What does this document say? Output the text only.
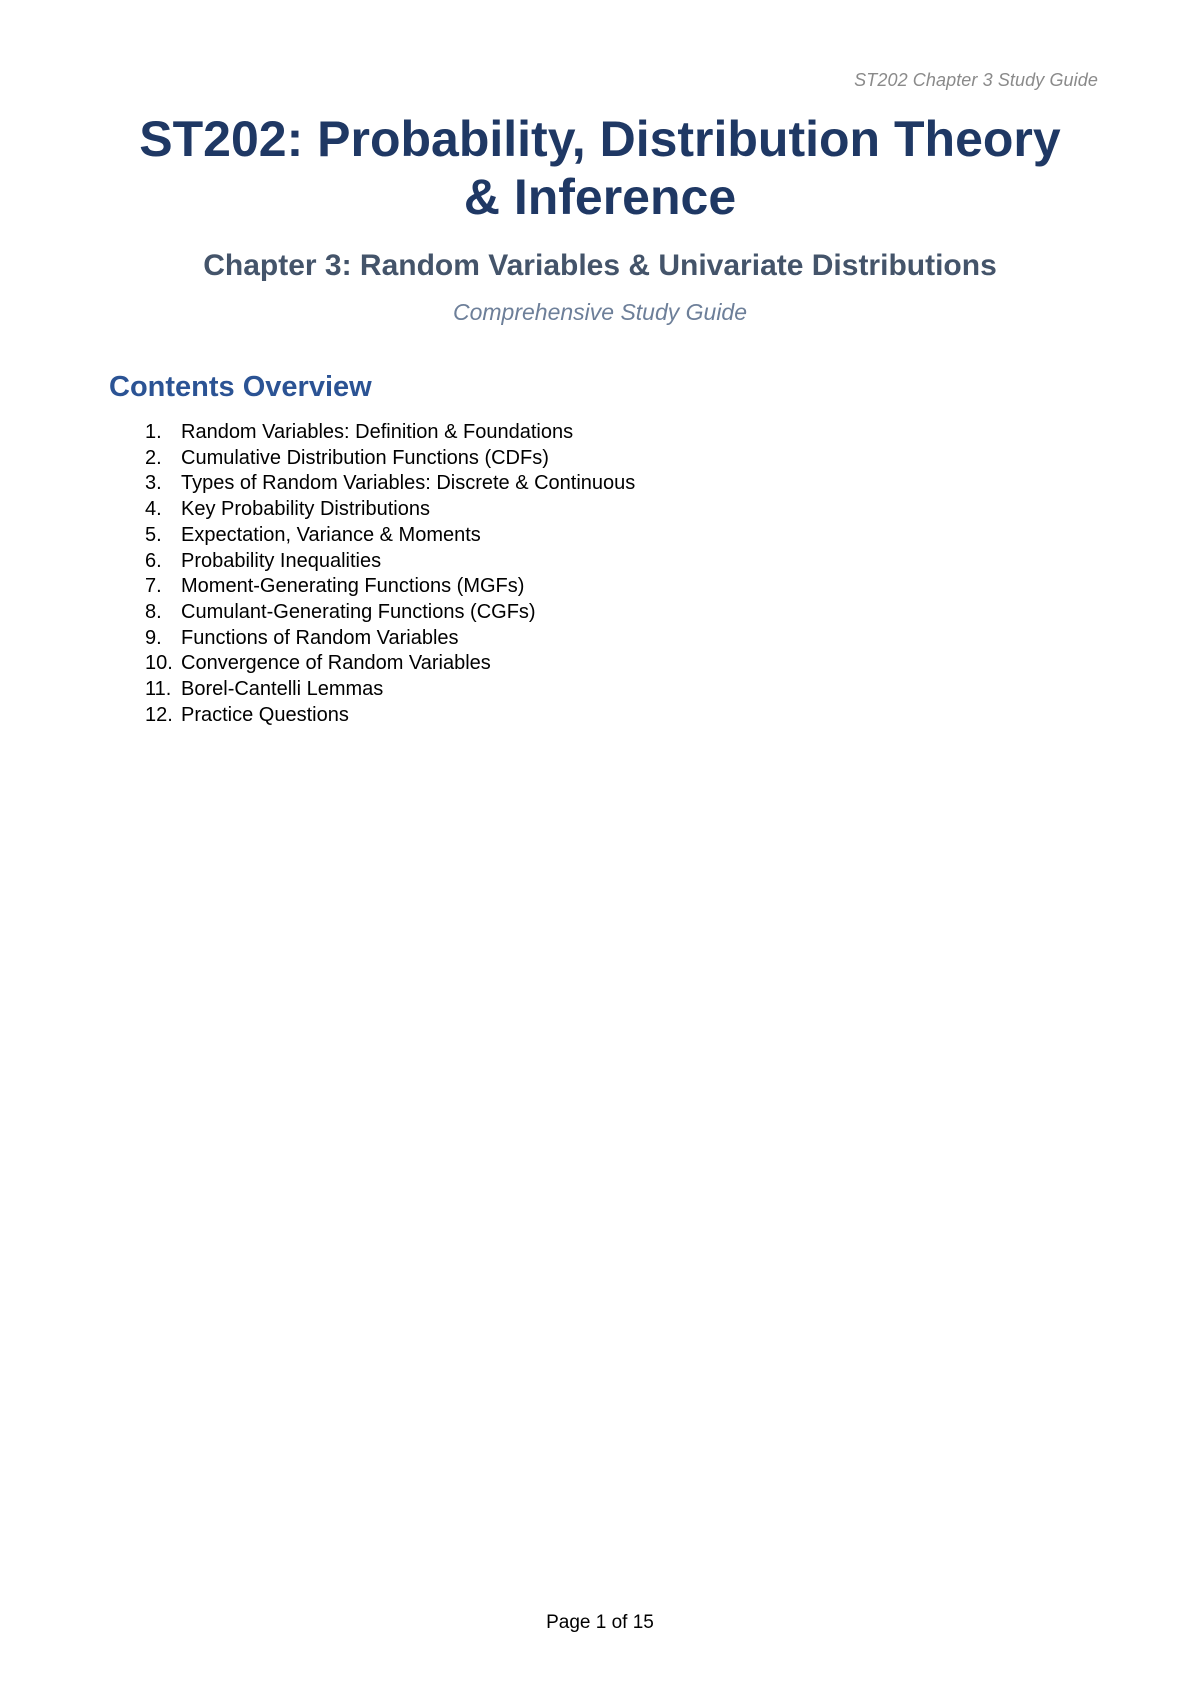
ST202 Chapter 3 Study Guide
ST202: Probability, Distribution Theory
& Inference
Chapter 3: Random Variables & Univariate Distributions

Comprehensive Study Guide

Contents Overview
1. Random Variables: Definition & Foundations
2. Cumulative Distribution Functions (CDFs)
3. Types of Random Variables: Discrete & Continuous
4. Key Probability Distributions
5. Expectation, Variance & Moments
6. Probability Inequalities
7. Moment-Generating Functions (MGFs)
8. Cumulant-Generating Functions (CGFs)
9. Functions of Random Variables
10. Convergence of Random Variables
11. Borel-Cantelli Lemmas
12. Practice Questions
Page 1 of 15
